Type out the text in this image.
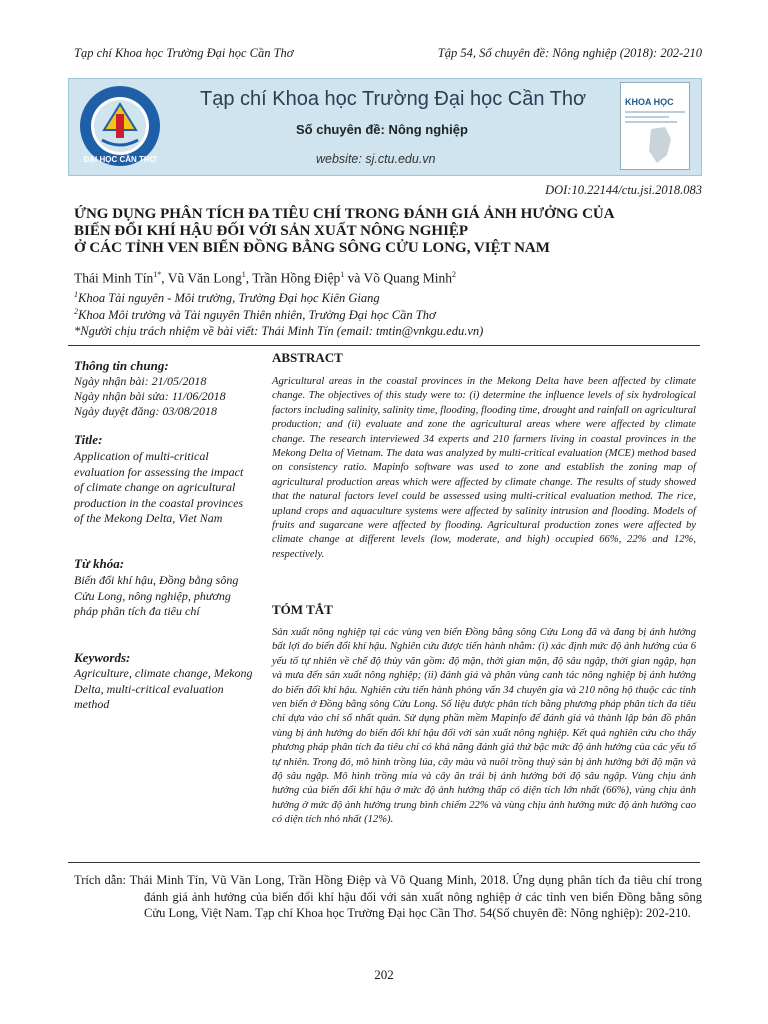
Tạp chí Khoa học Trường Đại học Cần Thơ	Tập 54, Số chuyên đề: Nông nghiệp (2018): 202-210
ĐẠI HỌC CẦN THƠ
Tạp chí Khoa học Trường Đại học Cần Thơ
Số chuyên đề: Nông nghiệp
website: sj.ctu.edu.vn
KHOA HỌC
DOI:10.22144/ctu.jsi.2018.083
ỨNG DỤNG PHÂN TÍCH ĐA TIÊU CHÍ TRONG ĐÁNH GIÁ ẢNH HƯỞNG CỦA
BIẾN ĐỔI KHÍ HẬU ĐỐI VỚI SẢN XUẤT NÔNG NGHIỆP
Ở CÁC TỈNH VEN BIỂN ĐỒNG BẰNG SÔNG CỬU LONG, VIỆT NAM
Thái Minh Tín$^{1*}$, Vũ Văn Long$^1$, Trần Hồng Điệp$^1$ và Võ Quang Minh$^2$
$^1$Khoa Tài nguyên - Môi trường, Trường Đại học Kiên Giang
$^2$Khoa Môi trường và Tài nguyên Thiên nhiên, Trường Đại học Cần Thơ
*Người chịu trách nhiệm về bài viết: Thái Minh Tín (email: tmtin@vnkgu.edu.vn)
Thông tin chung:
Ngày nhận bài: 21/05/2018
Ngày nhận bài sửa: 11/06/2018
Ngày duyệt đăng: 03/08/2018
Title:
Application of multi-critical evaluation for assessing the impact of climate change on agricultural production in the coastal provinces of the Mekong Delta, Viet Nam
Từ khóa:
Biến đổi khí hậu, Đồng bằng sông Cửu Long, nông nghiệp, phương pháp phân tích đa tiêu chí
Keywords:
Agriculture, climate change, Mekong Delta, multi-critical evaluation method
ABSTRACT
Agricultural areas in the coastal provinces in the Mekong Delta have been affected by climate change. The objectives of this study were to: (i) determine the influence levels of six hydrological factors including salinity, salinity time, flooding, flooding time, drought and rainfall on agricultural production; and (ii) evaluate and zone the agricultural areas where were affected by climate change. The research interviewed 34 experts and 210 farmers living in coastal provinces in the Mekong Delta of Vietnam. The data was analyzed by multi-critical evaluation (MCE) method based on consistency ratio. Mapinfo software was used to zone and establish the zoning map of agricultural production areas which were affected by climate change. The results of study showed that the natural factors level could be assessed using multi-critical evaluation method. The rice, upland crops and aquaculture systems were affected by salinity intrusion and flooding. Models of fruits and sugarcane were affected by flooding. Agricultural production zones were affected by climate change at different levels (low, moderate, and high) occupied 66%, 22% and 12%, respectively.
TÓM TẮT
Sản xuất nông nghiệp tại các vùng ven biển Đồng bằng sông Cửu Long đã và đang bị ảnh hưởng bất lợi do biến đổi khí hậu. Nghiên cứu được tiến hành nhằm: (i) xác định mức độ ảnh hưởng của 6 yếu tố tự nhiên về chế độ thủy văn gồm: độ mặn, thời gian mặn, độ sâu ngập, thời gian ngập, hạn và mưa đến sản xuất nông nghiệp; (ii) đánh giá và phân vùng canh tác nông nghiệp bị ảnh hưởng do biến đổi khí hậu. Nghiên cứu tiến hành phỏng vấn 34 chuyên gia và 210 nông hộ thuộc các tỉnh ven biển ở Đồng bằng sông Cửu Long. Số liệu được phân tích bằng phương pháp phân tích đa tiêu chí dựa vào chỉ số nhất quán. Sử dụng phần mềm Mapinfo để đánh giá và thành lập bản đồ phân vùng bị ảnh hưởng do biến đổi khí hậu đối với sản xuất nông nghiệp. Kết quả nghiên cứu cho thấy phương pháp phân tích đa tiêu chí có khả năng đánh giá thứ bậc mức độ ảnh hưởng của các yếu tố tự nhiên. Trong đó, mô hình trồng lúa, cây màu và nuôi trồng thuỷ sản bị ảnh hưởng bởi độ mặn và độ sâu ngập. Mô hình trồng mía và cây ăn trái bị ảnh hưởng bởi độ sâu ngập. Vùng chịu ảnh hưởng của biến đổi khí hậu ở mức độ ảnh hưởng thấp có diện tích lớn nhất (66%), vùng chịu ảnh hưởng ở mức độ ảnh hưởng trung bình chiếm 22% và vùng chịu ảnh hưởng mức độ ảnh hưởng cao có diện tích nhỏ nhất (12%).
Trích dẫn: Thái Minh Tín, Vũ Văn Long, Trần Hồng Điệp và Võ Quang Minh, 2018. Ứng dụng phân tích đa tiêu chí trong đánh giá ảnh hưởng của biến đổi khí hậu đối với sản xuất nông nghiệp ở các tỉnh ven biển Đồng bằng sông Cửu Long, Việt Nam. Tạp chí Khoa học Trường Đại học Cần Thơ. 54(Số chuyên đề: Nông nghiệp): 202-210.
202
